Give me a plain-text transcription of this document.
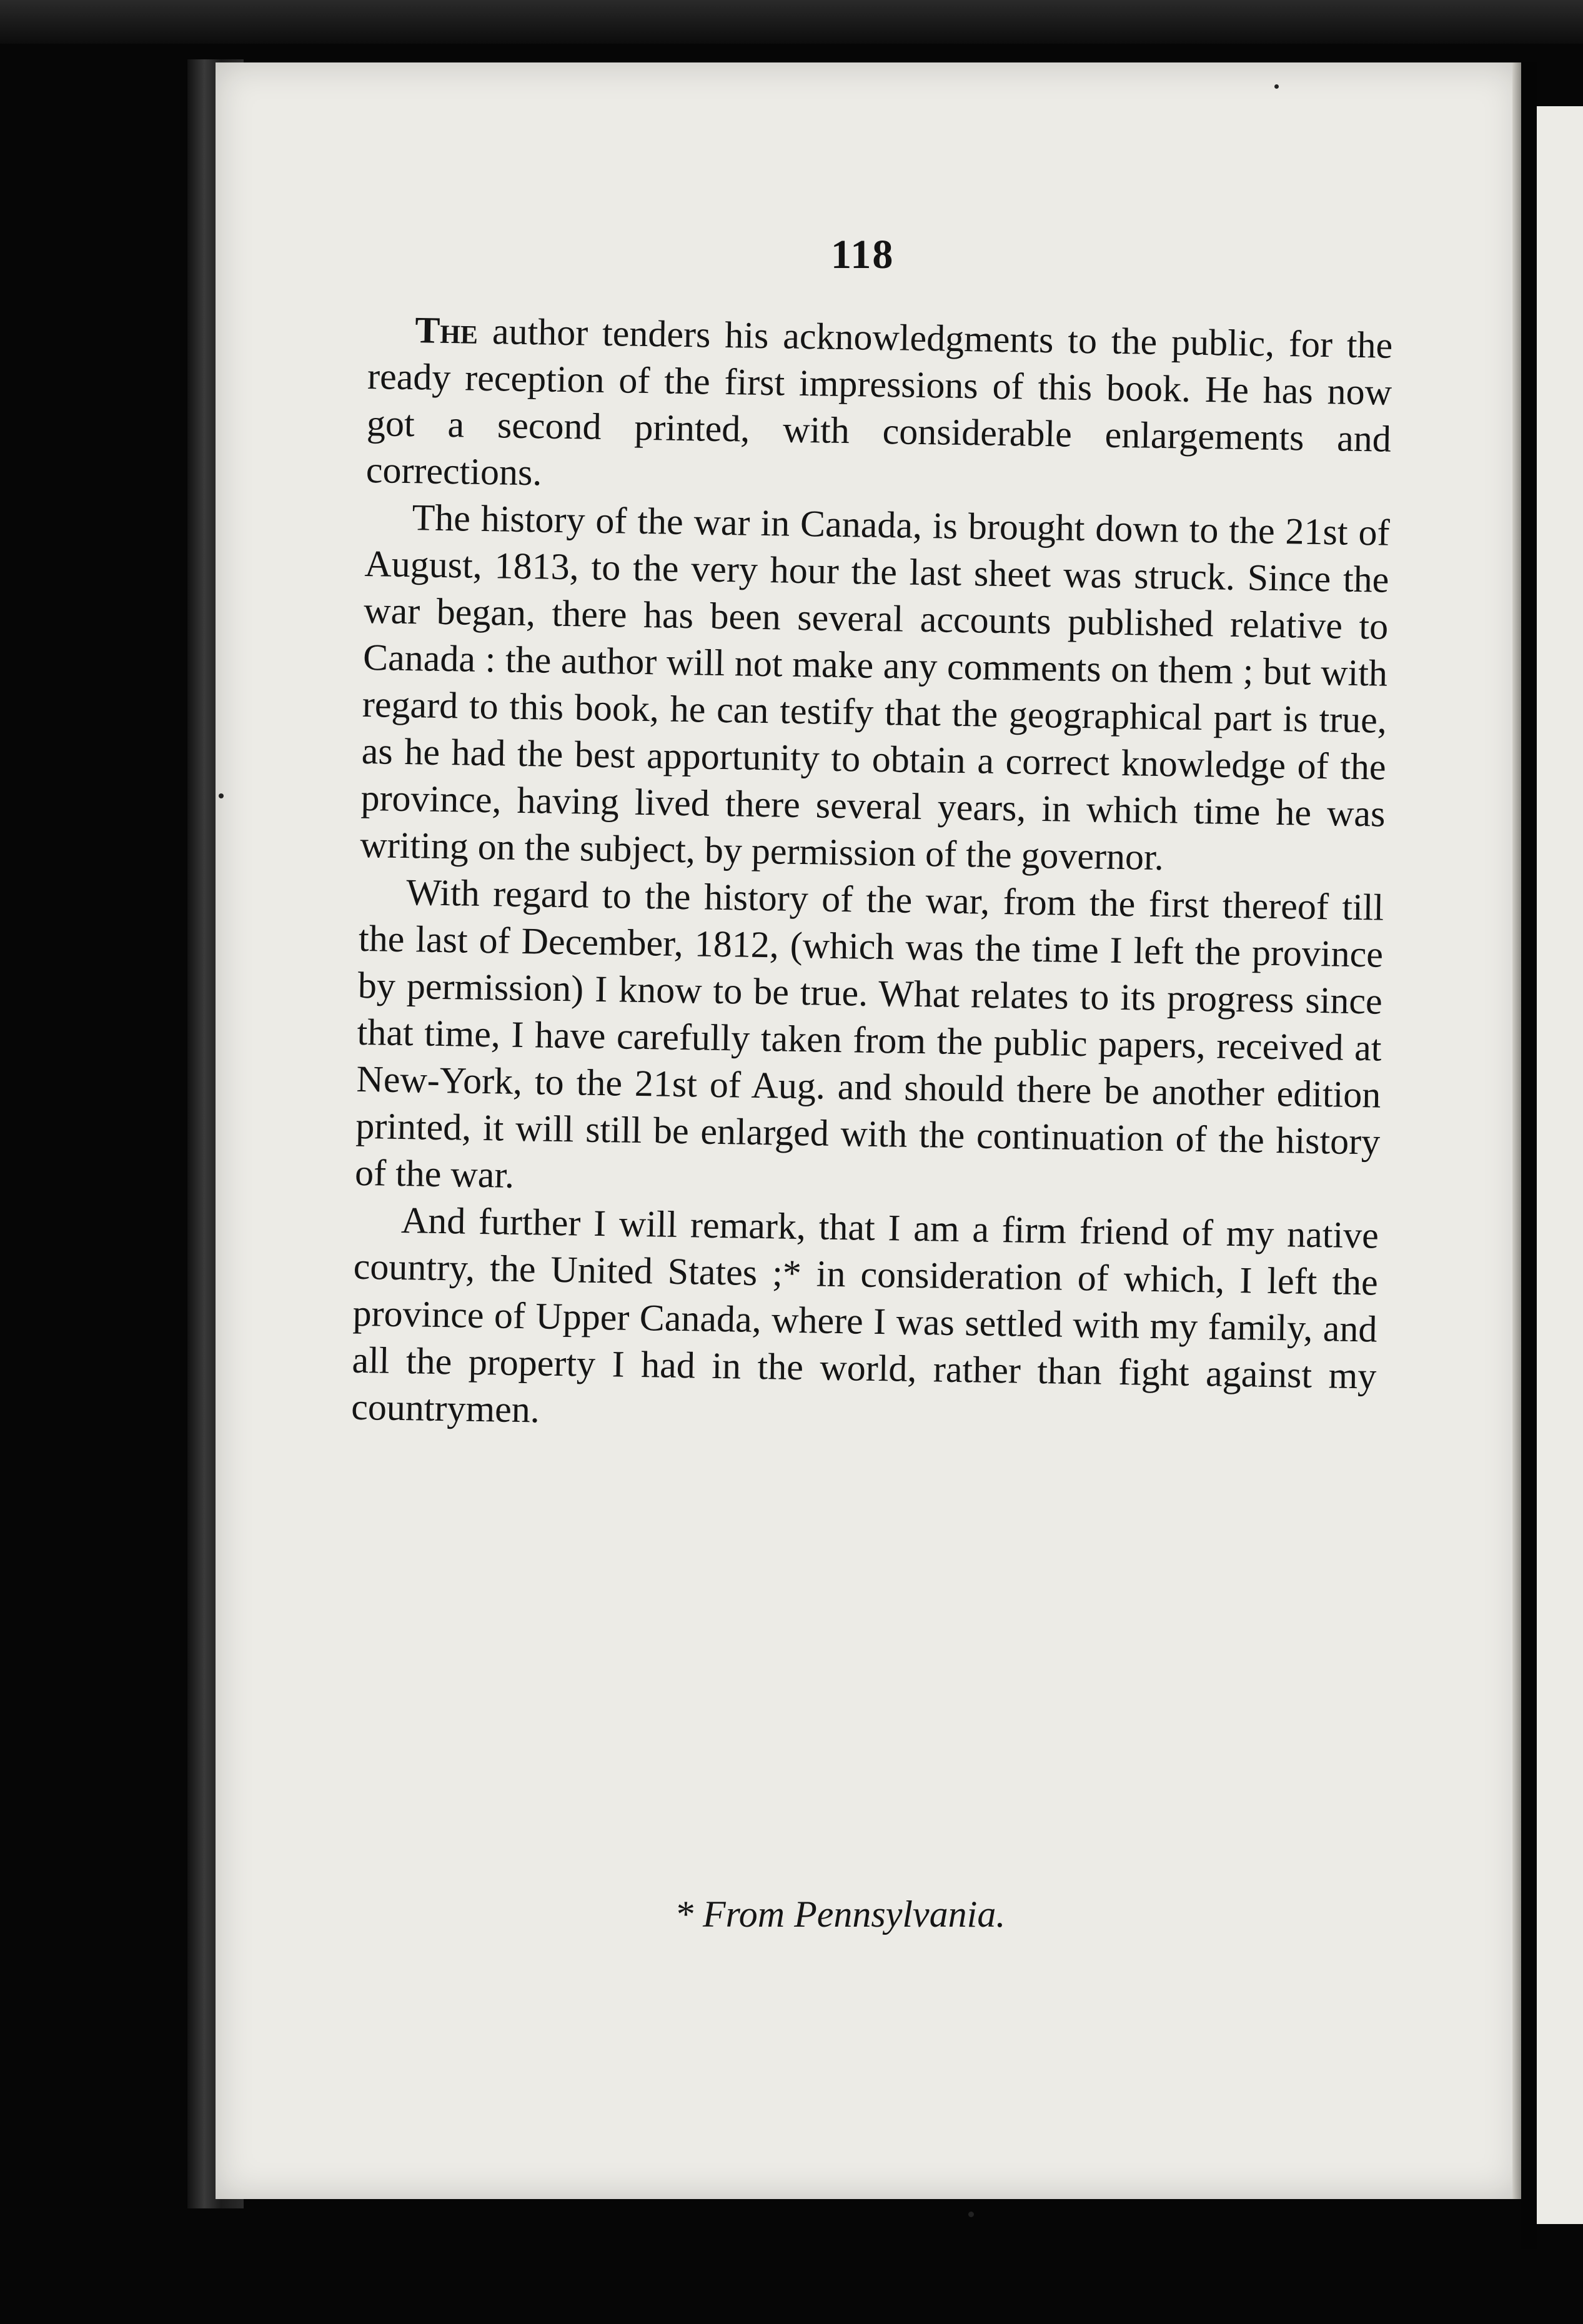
118

The author tenders his acknowledgments to the public, for the ready reception of the first impressions of this book. He has now got a second printed, with considerable enlargements and corrections.

The history of the war in Canada, is brought down to the 21st of August, 1813, to the very hour the last sheet was struck. Since the war began, there has been several accounts published relative to Canada : the author will not make any comments on them ; but with regard to this book, he can testify that the geographical part is true, as he had the best apportunity to obtain a correct knowledge of the province, having lived there several years, in which time he was writing on the subject, by permission of the governor.

With regard to the history of the war, from the first thereof till the last of December, 1812, (which was the time I left the province by permission) I know to be true. What relates to its progress since that time, I have carefully taken from the public papers, received at New-York, to the 21st of Aug. and should there be another edition printed, it will still be enlarged with the continuation of the history of the war.

And further I will remark, that I am a firm friend of my native country, the United States ;* in consideration of which, I left the province of Upper Canada, where I was settled with my family, and all the property I had in the world, rather than fight against my countrymen.

* From Pennsylvania.
